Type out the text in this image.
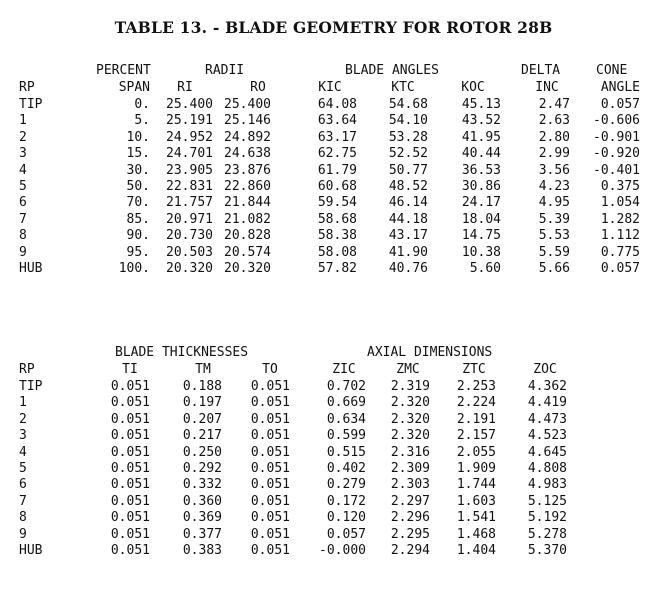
TABLE 13. - BLADE GEOMETRY FOR ROTOR 28B
PERCENT	RADII	BLADE ANGLES	DELTA	CONE
RP	SPAN	RI	RO	KIC	KTC	KOC	INC	ANGLE
TIP	0.	25.400 25.400	64.08	54.68	45.13	2.47	0.057
1	5.	25.191 25.146	63.64	54.10	43.52	2.63	-0.606
2	10.	24.952 24.892	63.17	53.28	41.95	2.80	-0.901
3	15.	24.701 24.638	62.75	52.52	40.44	2.99	-0.920
4	30.	23.905 23.876	61.79	50.77	36.53	3.56	-0.401
5	50.	22.831 22.860	60.68	48.52	30.86	4.23	0.375
6	70.	21.757 21.844	59.54	46.14	24.17	4.95	1.054
7	85.	20.971 21.082	58.68	44.18	18.04	5.39	1.282
8	90.	20.730 20.828	58.38	43.17	14.75	5.53	1.112
9	95.	20.503 20.574	58.08	41.90	10.38	5.59	0.775
HUB	100.	20.320 20.320	57.82	40.76	5.60	5.66	0.057
BLADE THICKNESSES	AXIAL DIMENSIONS
RP	TI	TM	TO	ZIC	ZMC	ZTC	ZOC
TIP	0.051	0.188	0.051	0.702	2.319	2.253	4.362
1	0.051	0.197	0.051	0.669	2.320	2.224	4.419
2	0.051	0.207	0.051	0.634	2.320	2.191	4.473
3	0.051	0.217	0.051	0.599	2.320	2.157	4.523
4	0.051	0.250	0.051	0.515	2.316	2.055	4.645
5	0.051	0.292	0.051	0.402	2.309	1.909	4.808
6	0.051	0.332	0.051	0.279	2.303	1.744	4.983
7	0.051	0.360	0.051	0.172	2.297	1.603	5.125
8	0.051	0.369	0.051	0.120	2.296	1.541	5.192
9	0.051	0.377	0.051	0.057	2.295	1.468	5.278
HUB	0.051	0.383	0.051	-0.000	2.294	1.404	5.370
